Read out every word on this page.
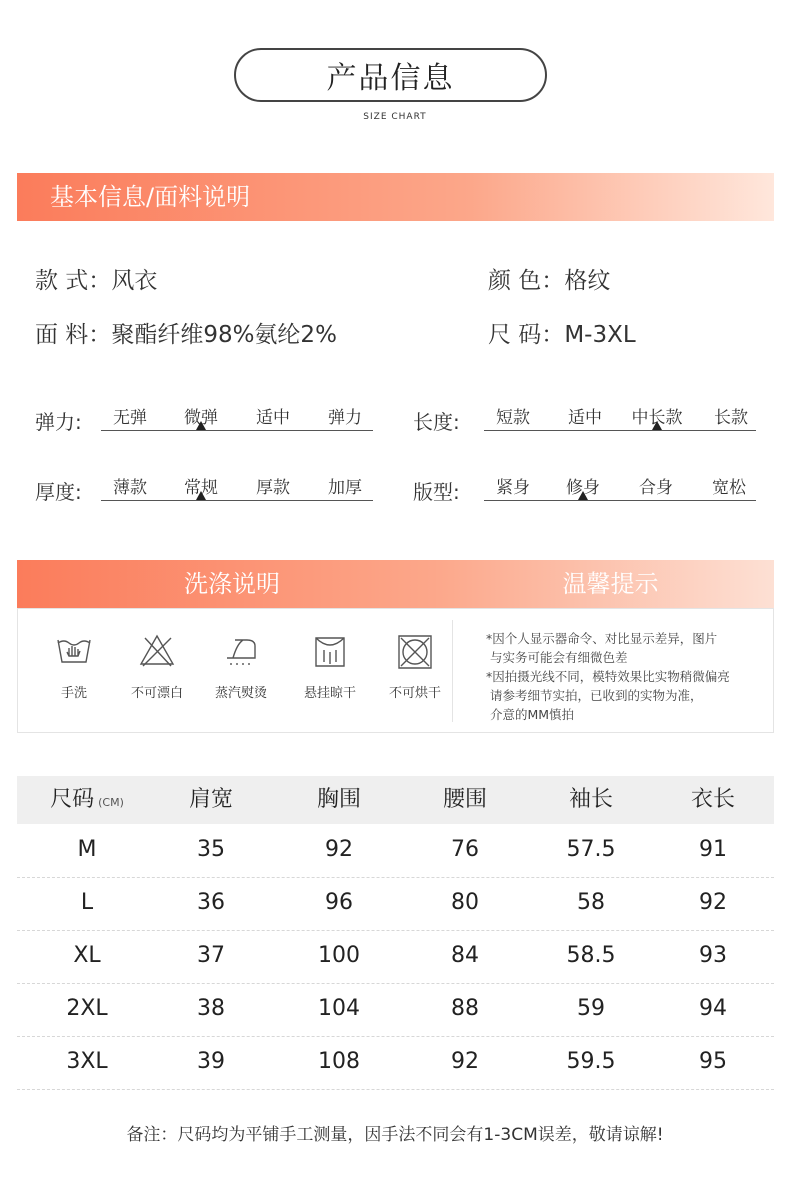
产品信息
SIZE CHART
基本信息/面料说明
款 式：风衣	颜 色：格纹
面 料：聚酯纤维98%氨纶2%	尺 码：M-3XL
弹力:	无弹	微弹	适中	弹力	长度:	短款	适中	中长款	长款
厚度:	薄款	常规	厚款	加厚	版型:	紧身	修身	合身	宽松
洗涤说明	温馨提示
手洗	不可漂白	蒸汽熨烫	悬挂晾干	不可烘干
*因个人显示器命令、对比显示差异，图片
与实务可能会有细微色差
*因拍摄光线不同，模特效果比实物稍微偏亮
请参考细节实拍，已收到的实物为准，
介意的MM慎拍
尺码 (CM)	肩宽	胸围	腰围	袖长	衣长
M	35	92	76	57.5	91
L	36	96	80	58	92
XL	37	100	84	58.5	93
2XL	38	104	88	59	94
3XL	39	108	92	59.5	95
备注：尺码均为平铺手工测量，因手法不同会有1-3CM误差，敬请谅解!
